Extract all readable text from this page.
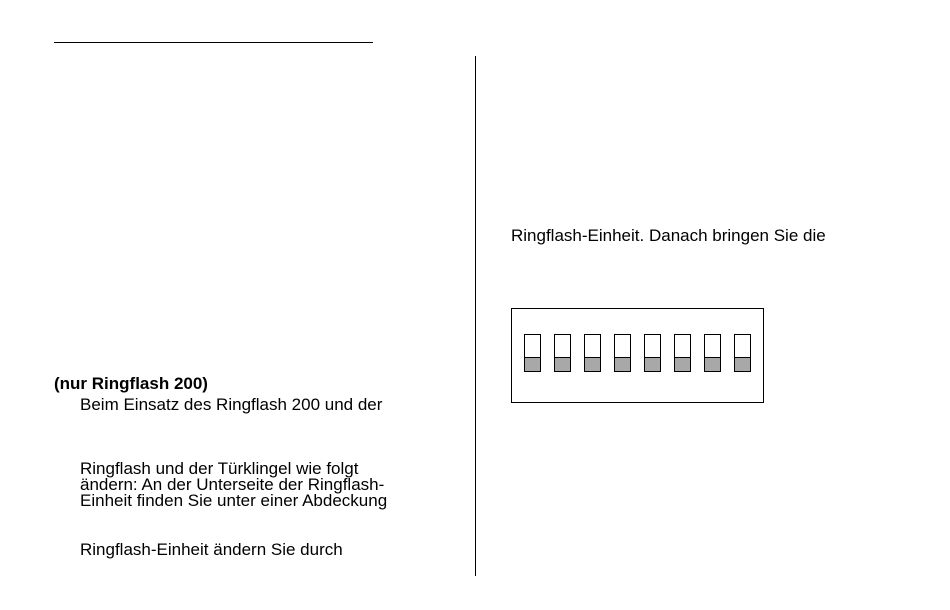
(nur Ringflash 200)
Beim Einsatz des Ringflash 200 und der
Ringflash und der Türklingel wie folgt
ändern: An der Unterseite der Ringflash-
Einheit finden Sie unter einer Abdeckung
Ringflash-Einheit ändern Sie durch
Ringflash-Einheit. Danach bringen Sie die
